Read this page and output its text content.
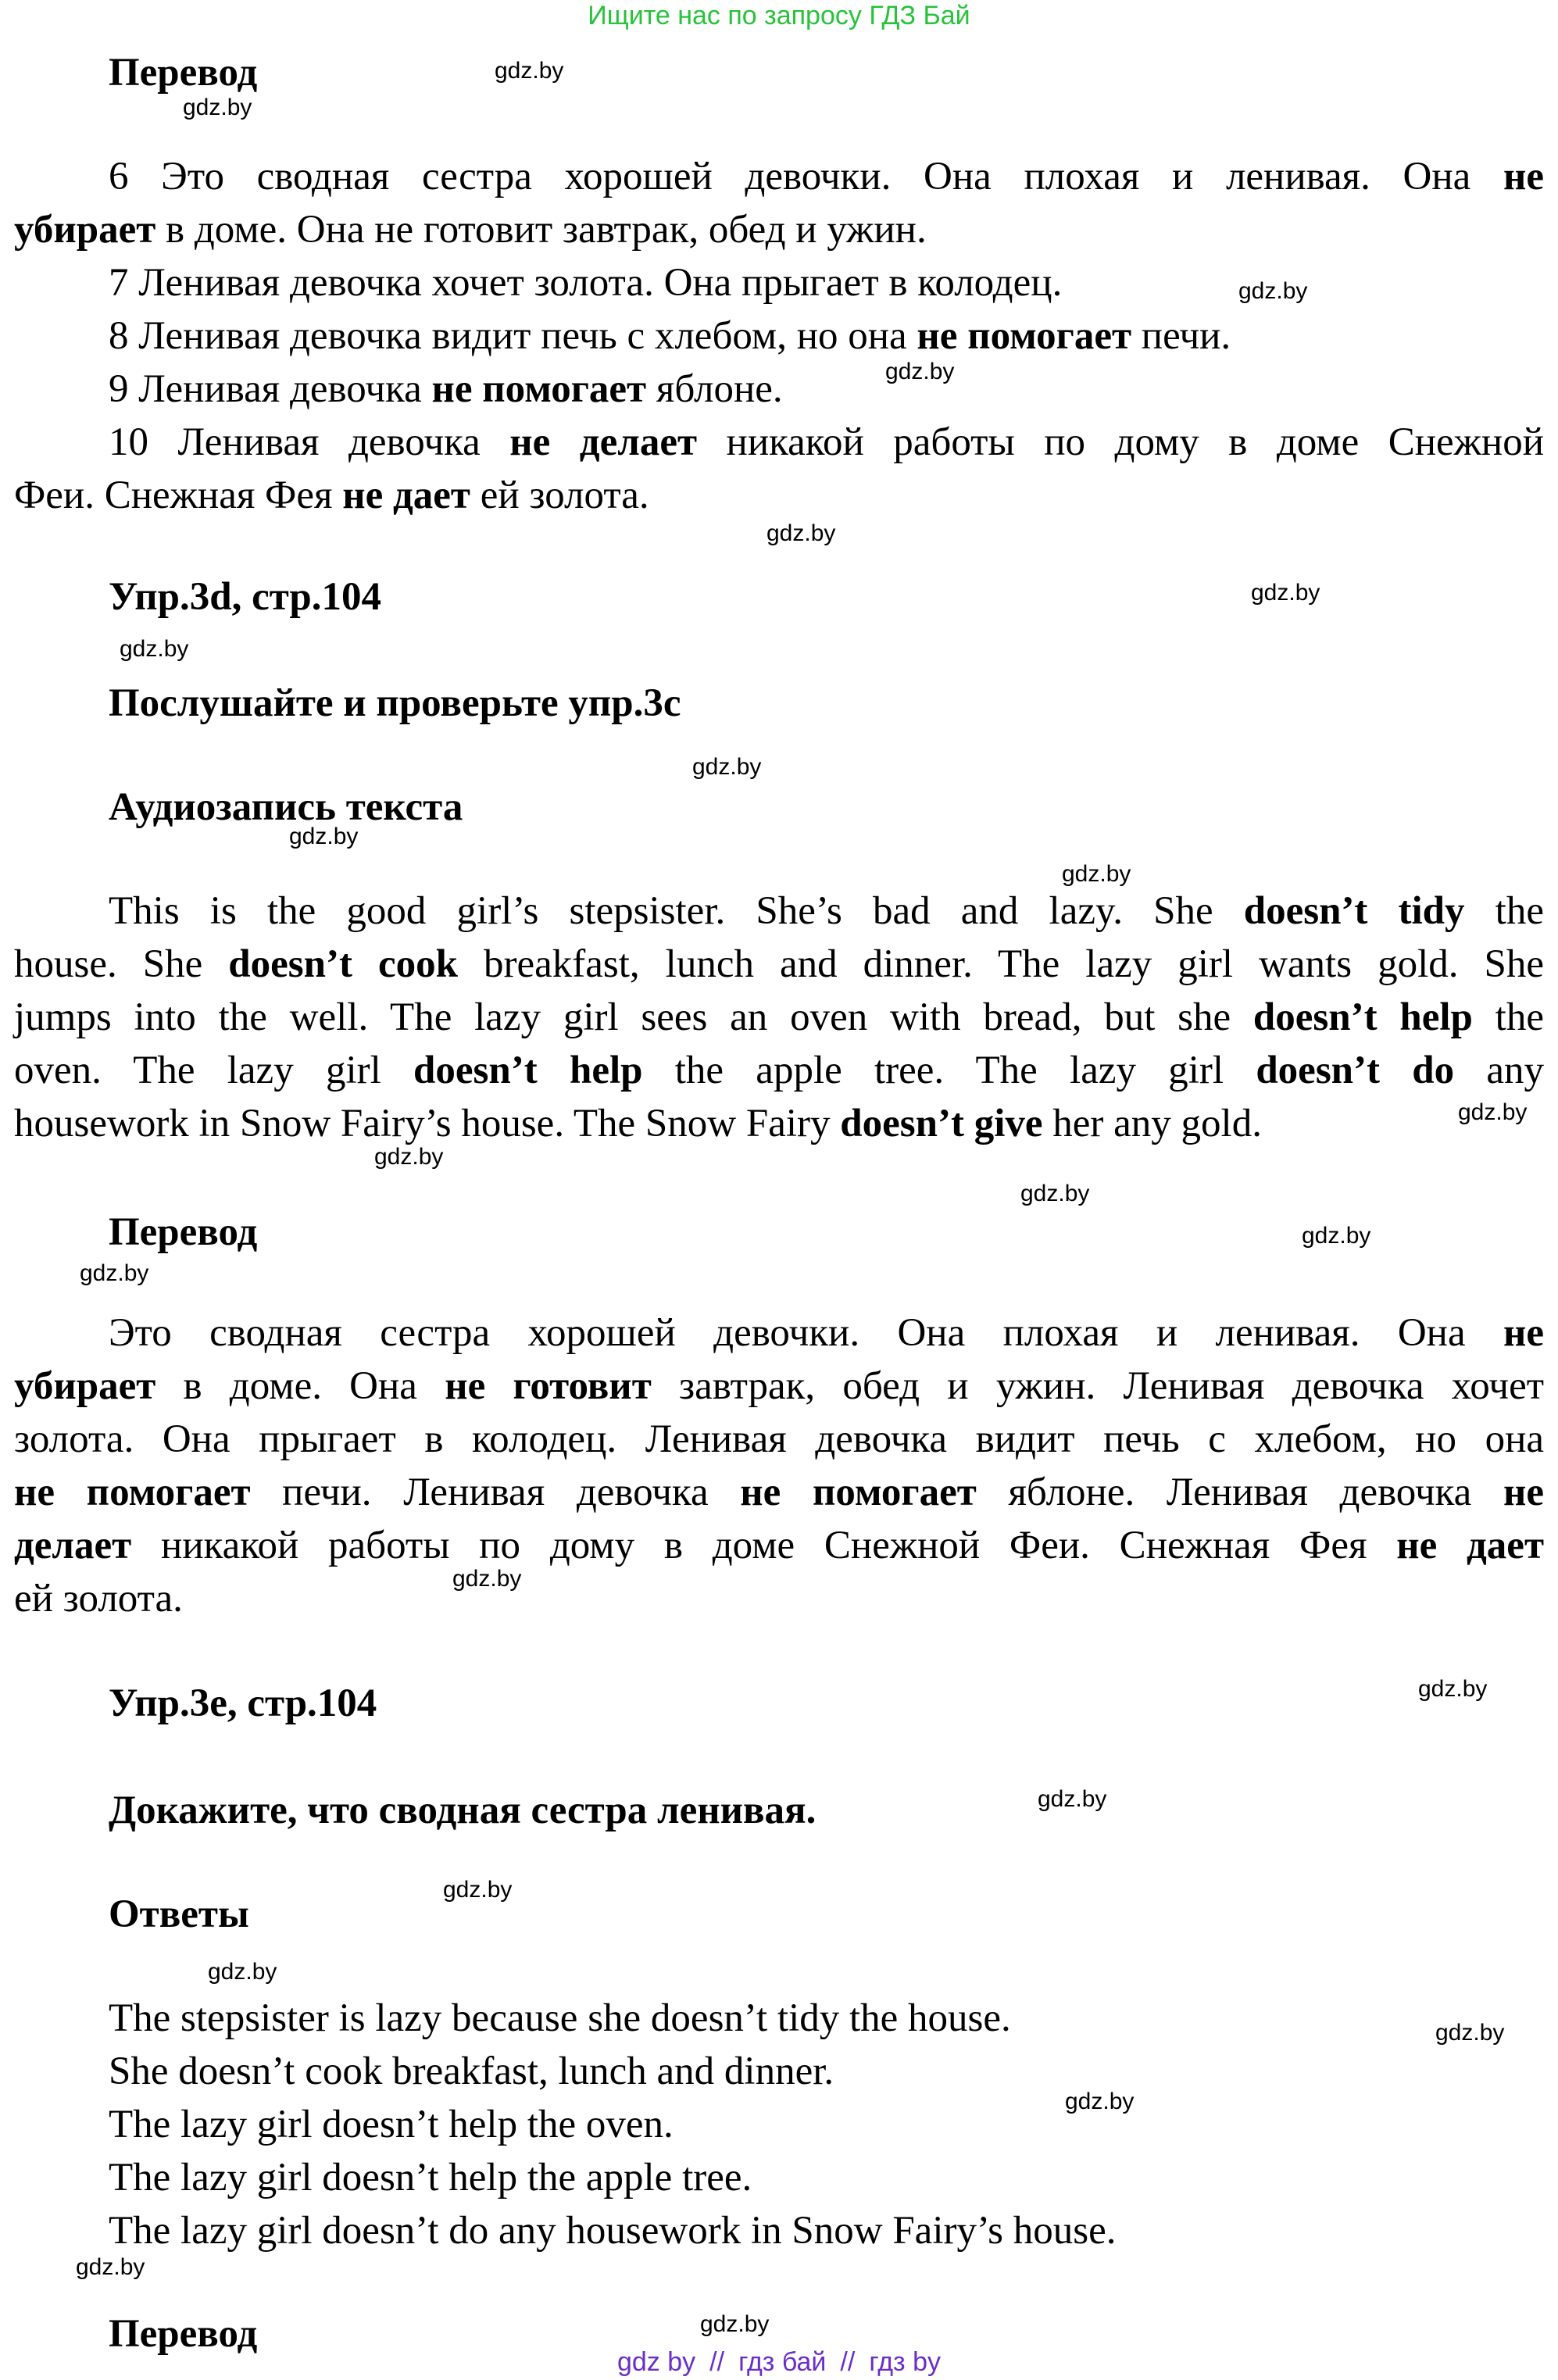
Ищите нас по запросу ГДЗ Бай
Перевод
6 Это сводная сестра хорошей девочки. Она плохая и ленивая. Она не
убирает в доме. Она не готовит завтрак, обед и ужин.
7 Ленивая девочка хочет золота. Она прыгает в колодец.
8 Ленивая девочка видит печь с хлебом, но она не помогает печи.
9 Ленивая девочка не помогает яблоне.
10 Ленивая девочка не делает никакой работы по дому в доме Снежной
Феи. Снежная Фея не дает ей золота.
Упр.3d, стр.104
Послушайте и проверьте упр.3c
Аудиозапись текста
This is the good girl’s stepsister. She’s bad and lazy. She doesn’t tidy the
house. She doesn’t cook breakfast, lunch and dinner. The lazy girl wants gold. She
jumps into the well. The lazy girl sees an oven with bread, but she doesn’t help the
oven. The lazy girl doesn’t help the apple tree. The lazy girl doesn’t do any
housework in Snow Fairy’s house. The Snow Fairy doesn’t give her any gold.
Перевод
Это сводная сестра хорошей девочки. Она плохая и ленивая. Она не
убирает в доме. Она не готовит завтрак, обед и ужин. Ленивая девочка хочет
золота. Она прыгает в колодец. Ленивая девочка видит печь с хлебом, но она
не помогает печи. Ленивая девочка не помогает яблоне. Ленивая девочка не
делает никакой работы по дому в доме Снежной Феи. Снежная Фея не дает
ей золота.
Упр.3е, стр.104
Докажите, что сводная сестра ленивая.
Ответы
The stepsister is lazy because she doesn’t tidy the house.
She doesn’t cook breakfast, lunch and dinner.
The lazy girl doesn’t help the oven.
The lazy girl doesn’t help the apple tree.
The lazy girl doesn’t do any housework in Snow Fairy’s house.
Перевод
gdz.by
gdz.by
gdz.by
gdz.by
gdz.by
gdz.by
gdz.by
gdz.by
gdz.by
gdz.by
gdz.by
gdz.by
gdz.by
gdz.by
gdz.by
gdz.by
gdz.by
gdz.by
gdz.by
gdz.by
gdz.by
gdz.by
gdz.by
gdz.by
gdz by // гдз бай // гдз by
